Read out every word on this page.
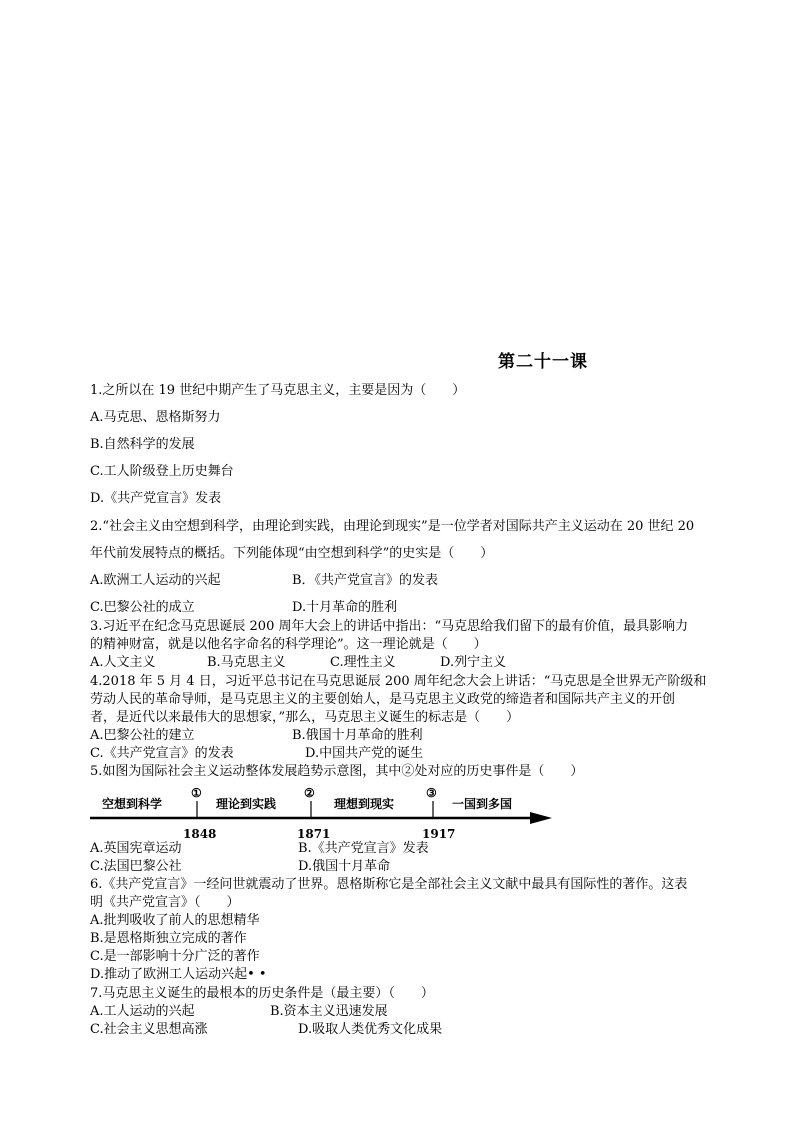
第二十一课
1.之所以在 19 世纪中期产生了马克思主义，主要是因为（　　）
A.马克思、恩格斯努力
B.自然科学的发展
C.工人阶级登上历史舞台
D.《共产党宣言》发表
2.“社会主义由空想到科学，由理论到实践，由理论到现实”是一位学者对国际共产主义运动在 20 世纪 20
年代前发展特点的概括。下列能体现“由空想到科学”的史实是（　　）
A.欧洲工人运动的兴起	B．《共产党宣言》的发表
C.巴黎公社的成立	D.十月革命的胜利
3.习近平在纪念马克思诞辰 200 周年大会上的讲话中指出：“马克思给我们留下的最有价值，最具影响力
的精神财富，就是以他名字命名的科学理论”。这一理论就是（　　）
A.人文主义	B.马克思主义	C.理性主义	D.列宁主义
4.2018 年 5 月 4 日，习近平总书记在马克思诞辰 200 周年纪念大会上讲话：“马克思是全世界无产阶级和
劳动人民的革命导师，是马克思主义的主要创始人，是马克思主义政党的缔造者和国际共产主义的开创
者，是近代以来最伟大的思想家，”那么，马克思主义诞生的标志是（　　）
A.巴黎公社的建立	B.俄国十月革命的胜利
C.《共产党宣言》的发表	D.中国共产党的诞生
5.如图为国际社会主义运动整体发展趋势示意图，其中②处对应的历史事件是（　　）
①	②	③
空想到科学	理论到实践	理想到现实	一国到多国
1848	1871	1917
A.英国宪章运动	B.《共产党宣言》发表
C.法国巴黎公社	D.俄国十月革命
6.《共产党宣言》一经问世就震动了世界。恩格斯称它是全部社会主义文献中最具有国际性的著作。这表
明《共产党宣言》（　　）
A.批判吸收了前人的思想精华
B.是恩格斯独立完成的著作
C.是一部影响十分广泛的著作
D.推动了欧洲工人运动兴起• •
7.马克思主义诞生的最根本的历史条件是（最主要）（　　）
A.工人运动的兴起	B.资本主义迅速发展
C.社会主义思想高涨	D.吸取人类优秀文化成果
